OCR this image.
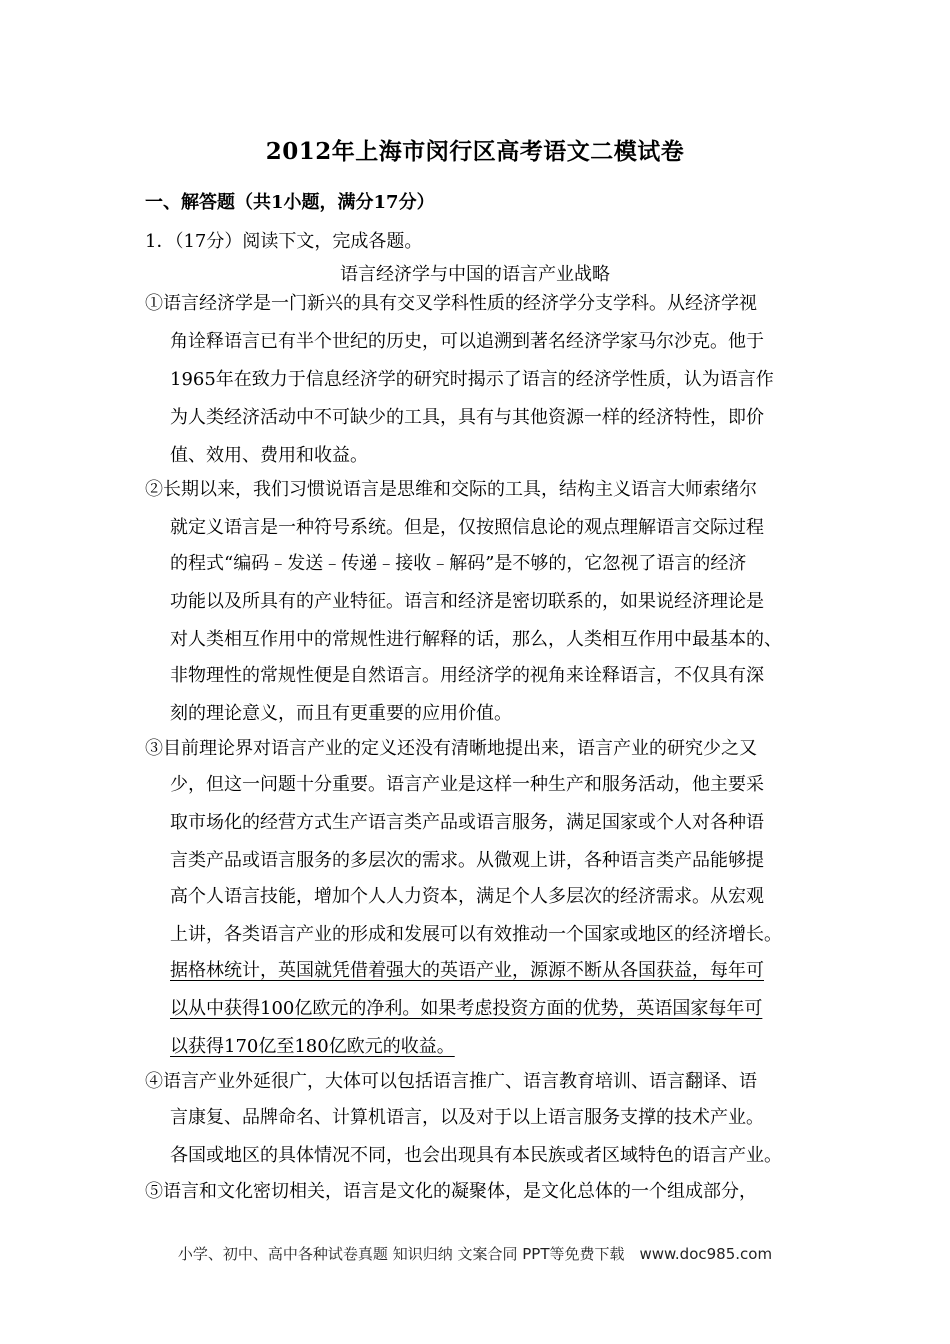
2012年上海市闵行区高考语文二模试卷
一、解答题（共1小题，满分17分）
1．（17分）阅读下文，完成各题。
语言经济学与中国的语言产业战略
①语言经济学是一门新兴的具有交叉学科性质的经济学分支学科。从经济学视
角诠释语言已有半个世纪的历史，可以追溯到著名经济学家马尔沙克。他于
1965年在致力于信息经济学的研究时揭示了语言的经济学性质，认为语言作
为人类经济活动中不可缺少的工具，具有与其他资源一样的经济特性，即价
值、效用、费用和收益。
②长期以来，我们习惯说语言是思维和交际的工具，结构主义语言大师索绪尔
就定义语言是一种符号系统。但是，仅按照信息论的观点理解语言交际过程
的程式“编码﹣发送﹣传递﹣接收﹣解码”是不够的，它忽视了语言的经济
功能以及所具有的产业特征。语言和经济是密切联系的，如果说经济理论是
对人类相互作用中的常规性进行解释的话，那么，人类相互作用中最基本的、
非物理性的常规性便是自然语言。用经济学的视角来诠释语言，不仅具有深
刻的理论意义，而且有更重要的应用价值。
③目前理论界对语言产业的定义还没有清晰地提出来，语言产业的研究少之又
少，但这一问题十分重要。语言产业是这样一种生产和服务活动，他主要采
取市场化的经营方式生产语言类产品或语言服务，满足国家或个人对各种语
言类产品或语言服务的多层次的需求。从微观上讲，各种语言类产品能够提
高个人语言技能，增加个人人力资本，满足个人多层次的经济需求。从宏观
上讲，各类语言产业的形成和发展可以有效推动一个国家或地区的经济增长。
据格林统计，英国就凭借着强大的英语产业，源源不断从各国获益，每年可
以从中获得100亿欧元的净利。如果考虑投资方面的优势，英语国家每年可
以获得170亿至180亿欧元的收益。
④语言产业外延很广，大体可以包括语言推广、语言教育培训、语言翻译、语
言康复、品牌命名、计算机语言，以及对于以上语言服务支撑的技术产业。
各国或地区的具体情况不同，也会出现具有本民族或者区域特色的语言产业。
⑤语言和文化密切相关，语言是文化的凝聚体，是文化总体的一个组成部分，
小学、初中、高中各种试卷真题 知识归纳 文案合同 PPT等免费下载　www.doc985.com
